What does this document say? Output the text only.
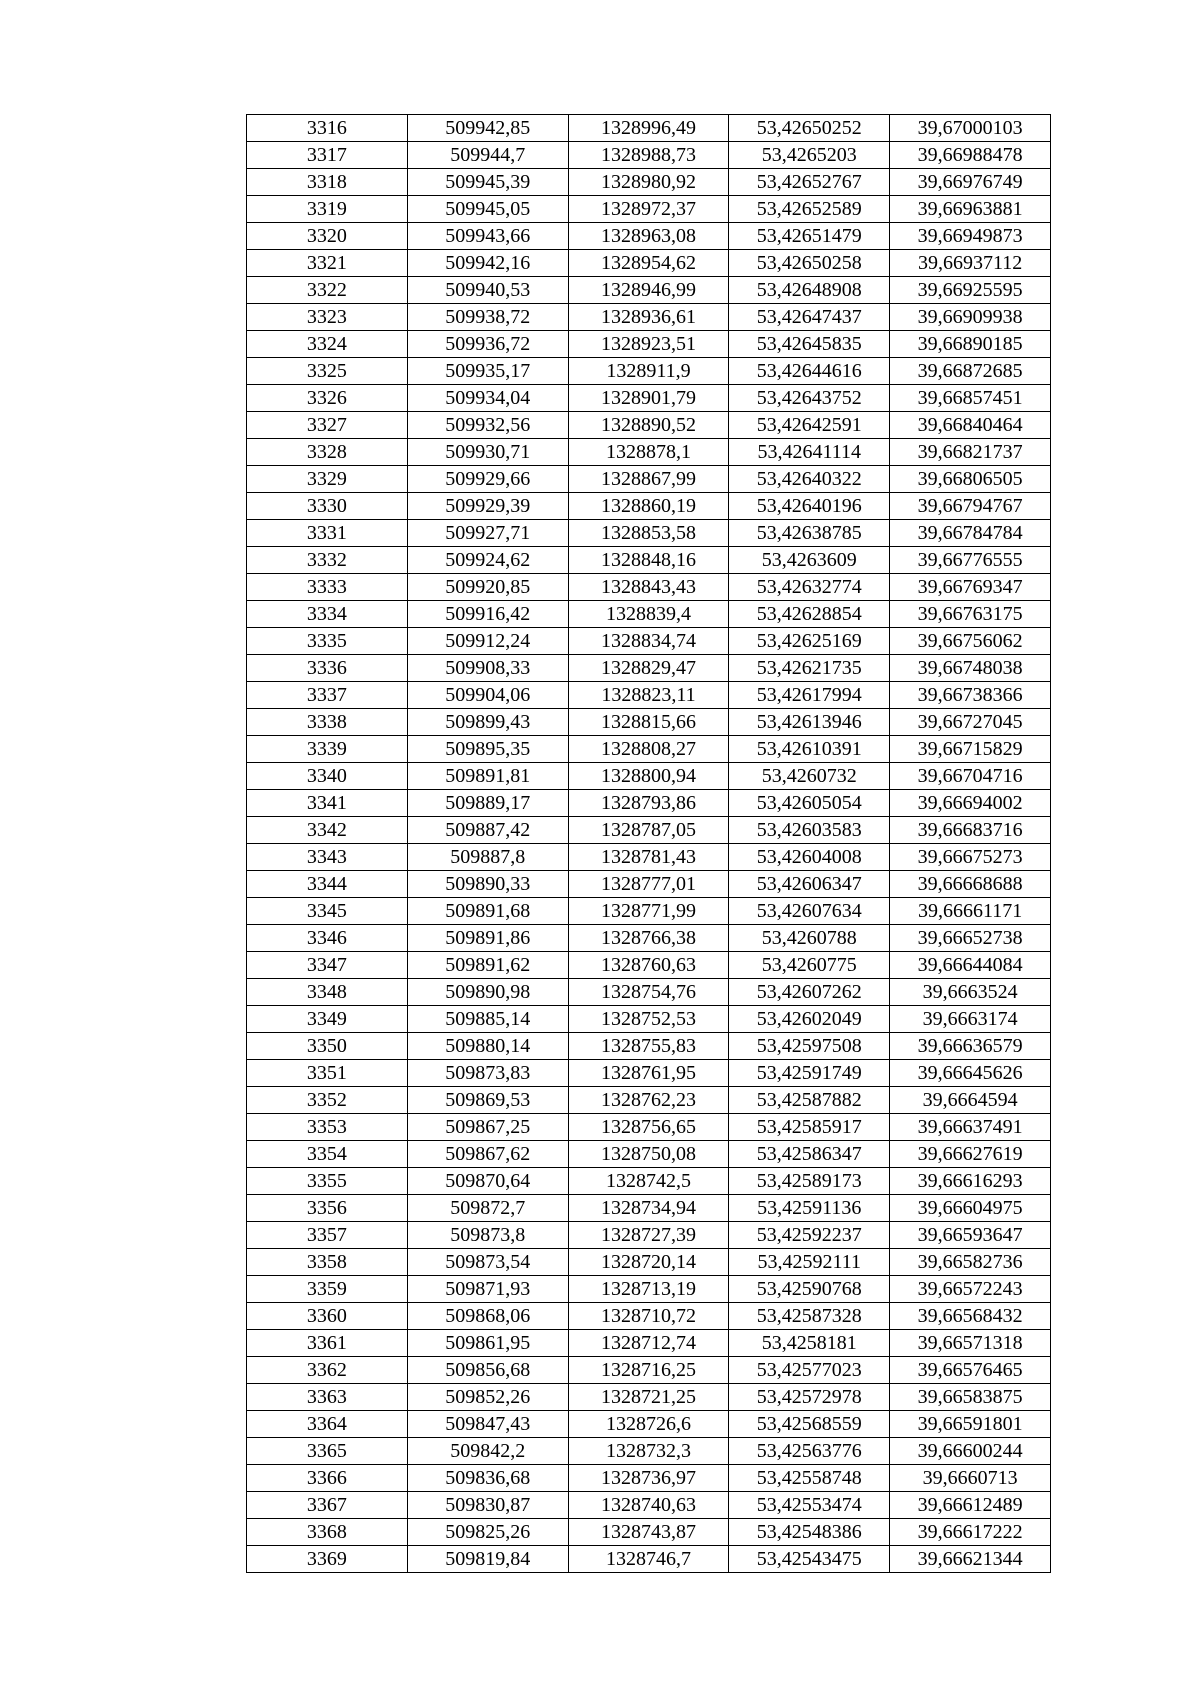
3316	509942,85	1328996,49	53,42650252	39,67000103
3317	509944,7	1328988,73	53,4265203	39,66988478
3318	509945,39	1328980,92	53,42652767	39,66976749
3319	509945,05	1328972,37	53,42652589	39,66963881
3320	509943,66	1328963,08	53,42651479	39,66949873
3321	509942,16	1328954,62	53,42650258	39,66937112
3322	509940,53	1328946,99	53,42648908	39,66925595
3323	509938,72	1328936,61	53,42647437	39,66909938
3324	509936,72	1328923,51	53,42645835	39,66890185
3325	509935,17	1328911,9	53,42644616	39,66872685
3326	509934,04	1328901,79	53,42643752	39,66857451
3327	509932,56	1328890,52	53,42642591	39,66840464
3328	509930,71	1328878,1	53,42641114	39,66821737
3329	509929,66	1328867,99	53,42640322	39,66806505
3330	509929,39	1328860,19	53,42640196	39,66794767
3331	509927,71	1328853,58	53,42638785	39,66784784
3332	509924,62	1328848,16	53,4263609	39,66776555
3333	509920,85	1328843,43	53,42632774	39,66769347
3334	509916,42	1328839,4	53,42628854	39,66763175
3335	509912,24	1328834,74	53,42625169	39,66756062
3336	509908,33	1328829,47	53,42621735	39,66748038
3337	509904,06	1328823,11	53,42617994	39,66738366
3338	509899,43	1328815,66	53,42613946	39,66727045
3339	509895,35	1328808,27	53,42610391	39,66715829
3340	509891,81	1328800,94	53,4260732	39,66704716
3341	509889,17	1328793,86	53,42605054	39,66694002
3342	509887,42	1328787,05	53,42603583	39,66683716
3343	509887,8	1328781,43	53,42604008	39,66675273
3344	509890,33	1328777,01	53,42606347	39,66668688
3345	509891,68	1328771,99	53,42607634	39,66661171
3346	509891,86	1328766,38	53,4260788	39,66652738
3347	509891,62	1328760,63	53,4260775	39,66644084
3348	509890,98	1328754,76	53,42607262	39,6663524
3349	509885,14	1328752,53	53,42602049	39,6663174
3350	509880,14	1328755,83	53,42597508	39,66636579
3351	509873,83	1328761,95	53,42591749	39,66645626
3352	509869,53	1328762,23	53,42587882	39,6664594
3353	509867,25	1328756,65	53,42585917	39,66637491
3354	509867,62	1328750,08	53,42586347	39,66627619
3355	509870,64	1328742,5	53,42589173	39,66616293
3356	509872,7	1328734,94	53,42591136	39,66604975
3357	509873,8	1328727,39	53,42592237	39,66593647
3358	509873,54	1328720,14	53,42592111	39,66582736
3359	509871,93	1328713,19	53,42590768	39,66572243
3360	509868,06	1328710,72	53,42587328	39,66568432
3361	509861,95	1328712,74	53,4258181	39,66571318
3362	509856,68	1328716,25	53,42577023	39,66576465
3363	509852,26	1328721,25	53,42572978	39,66583875
3364	509847,43	1328726,6	53,42568559	39,66591801
3365	509842,2	1328732,3	53,42563776	39,66600244
3366	509836,68	1328736,97	53,42558748	39,6660713
3367	509830,87	1328740,63	53,42553474	39,66612489
3368	509825,26	1328743,87	53,42548386	39,66617222
3369	509819,84	1328746,7	53,42543475	39,66621344
